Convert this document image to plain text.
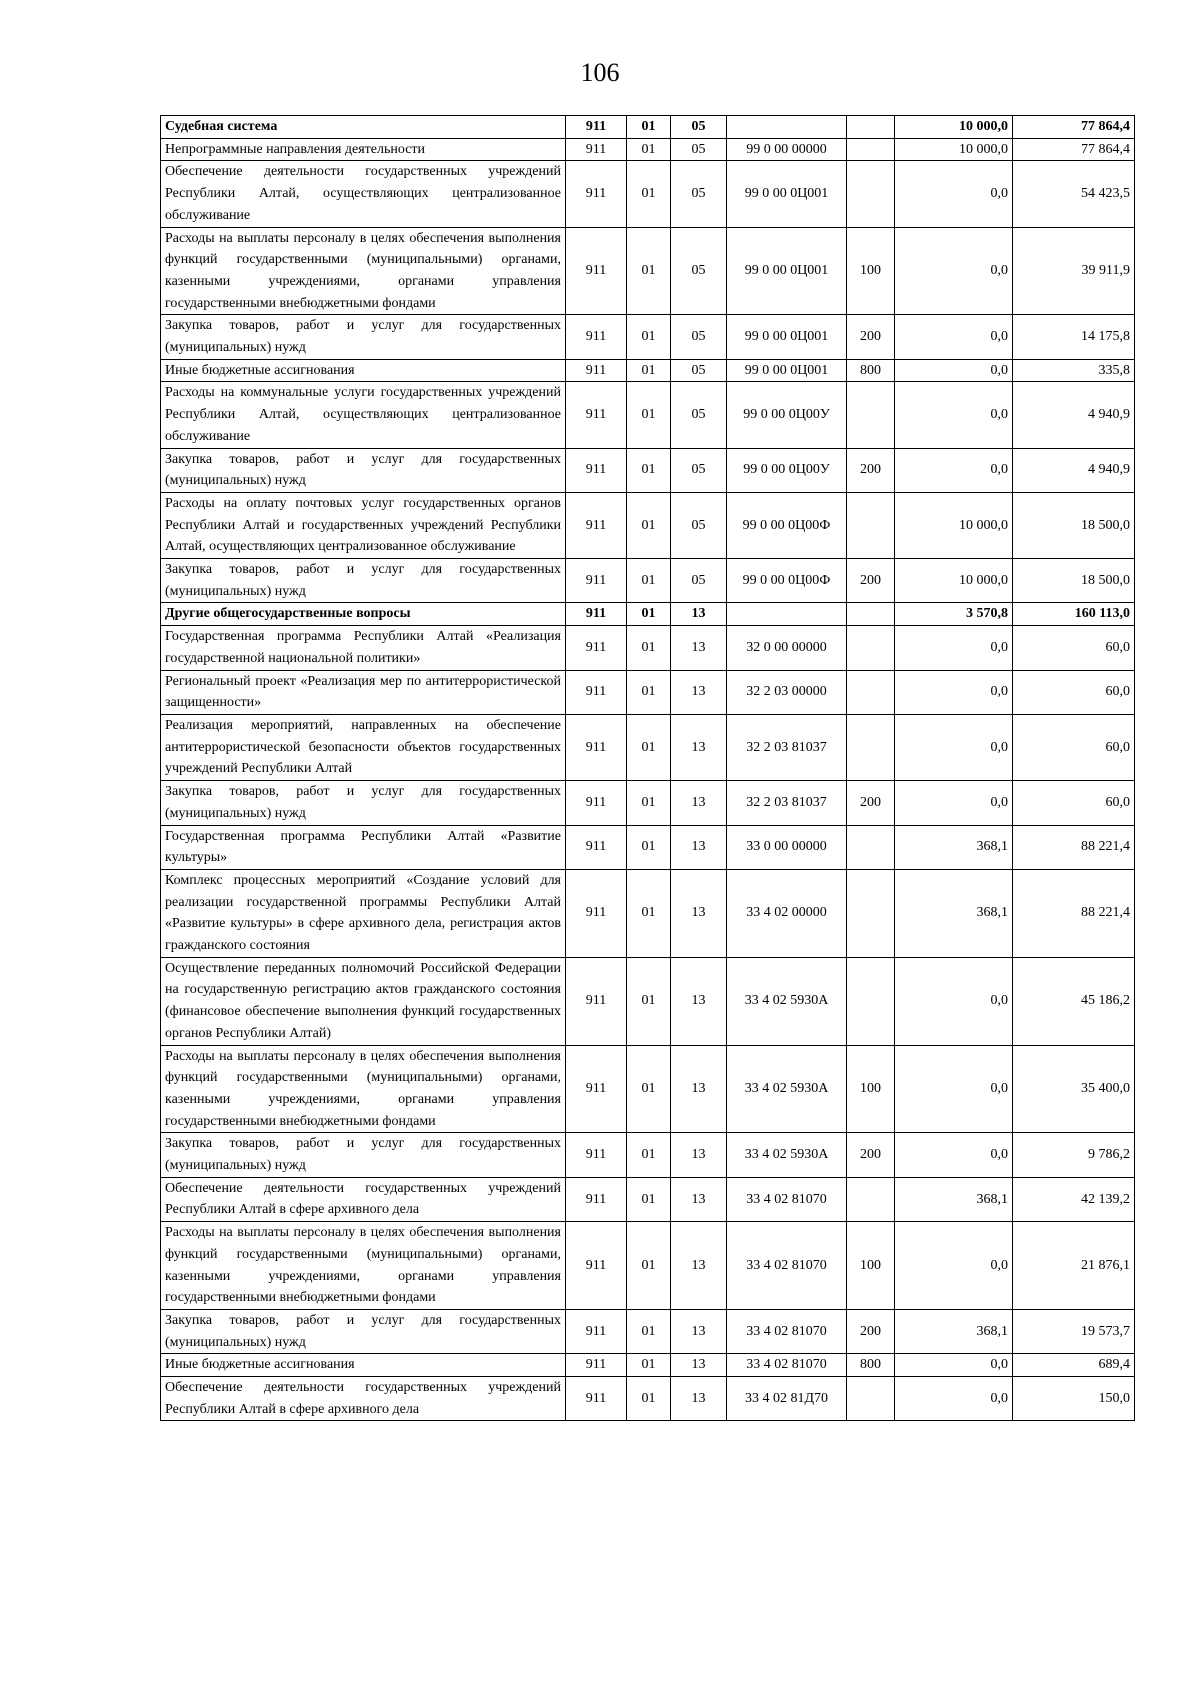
106
Судебная система	911	01	05			10 000,0	77 864,4
Непрограммные направления деятельности	911	01	05	99 0 00 00000		10 000,0	77 864,4
Обеспечение деятельности государственных учреждений Республики Алтай, осуществляющих централизованное обслуживание	911	01	05	99 0 00 0Ц001		0,0	54 423,5
Расходы на выплаты персоналу в целях обеспечения выполнения функций государственными (муниципальными) органами, казенными учреждениями, органами управления государственными внебюджетными фондами	911	01	05	99 0 00 0Ц001	100	0,0	39 911,9
Закупка товаров, работ и услуг для государственных (муниципальных) нужд	911	01	05	99 0 00 0Ц001	200	0,0	14 175,8
Иные бюджетные ассигнования	911	01	05	99 0 00 0Ц001	800	0,0	335,8
Расходы на коммунальные услуги государственных учреждений Республики Алтай, осуществляющих централизованное обслуживание	911	01	05	99 0 00 0Ц00У		0,0	4 940,9
Закупка товаров, работ и услуг для государственных (муниципальных) нужд	911	01	05	99 0 00 0Ц00У	200	0,0	4 940,9
Расходы на оплату почтовых услуг государственных органов Республики Алтай и государственных учреждений Республики Алтай, осуществляющих централизованное обслуживание	911	01	05	99 0 00 0Ц00Ф		10 000,0	18 500,0
Закупка товаров, работ и услуг для государственных (муниципальных) нужд	911	01	05	99 0 00 0Ц00Ф	200	10 000,0	18 500,0
Другие общегосударственные вопросы	911	01	13			3 570,8	160 113,0
Государственная программа Республики Алтай «Реализация государственной национальной политики»	911	01	13	32 0 00 00000		0,0	60,0
Региональный проект «Реализация мер по антитеррористической защищенности»	911	01	13	32 2 03 00000		0,0	60,0
Реализация мероприятий, направленных на обеспечение антитеррористической безопасности объектов государственных учреждений Республики Алтай	911	01	13	32 2 03 81037		0,0	60,0
Закупка товаров, работ и услуг для государственных (муниципальных) нужд	911	01	13	32 2 03 81037	200	0,0	60,0
Государственная программа Республики Алтай «Развитие культуры»	911	01	13	33 0 00 00000		368,1	88 221,4
Комплекс процессных мероприятий «Создание условий для реализации государственной программы Республики Алтай «Развитие культуры» в сфере архивного дела, регистрация актов гражданского состояния	911	01	13	33 4 02 00000		368,1	88 221,4
Осуществление переданных полномочий Российской Федерации на государственную регистрацию актов гражданского состояния (финансовое обеспечение выполнения функций государственных органов Республики Алтай)	911	01	13	33 4 02 5930А		0,0	45 186,2
Расходы на выплаты персоналу в целях обеспечения выполнения функций государственными (муниципальными) органами, казенными учреждениями, органами управления государственными внебюджетными фондами	911	01	13	33 4 02 5930А	100	0,0	35 400,0
Закупка товаров, работ и услуг для государственных (муниципальных) нужд	911	01	13	33 4 02 5930А	200	0,0	9 786,2
Обеспечение деятельности государственных учреждений Республики Алтай в сфере архивного дела	911	01	13	33 4 02 81070		368,1	42 139,2
Расходы на выплаты персоналу в целях обеспечения выполнения функций государственными (муниципальными) органами, казенными учреждениями, органами управления государственными внебюджетными фондами	911	01	13	33 4 02 81070	100	0,0	21 876,1
Закупка товаров, работ и услуг для государственных (муниципальных) нужд	911	01	13	33 4 02 81070	200	368,1	19 573,7
Иные бюджетные ассигнования	911	01	13	33 4 02 81070	800	0,0	689,4
Обеспечение деятельности государственных учреждений Республики Алтай в сфере архивного дела	911	01	13	33 4 02 81Д70		0,0	150,0
